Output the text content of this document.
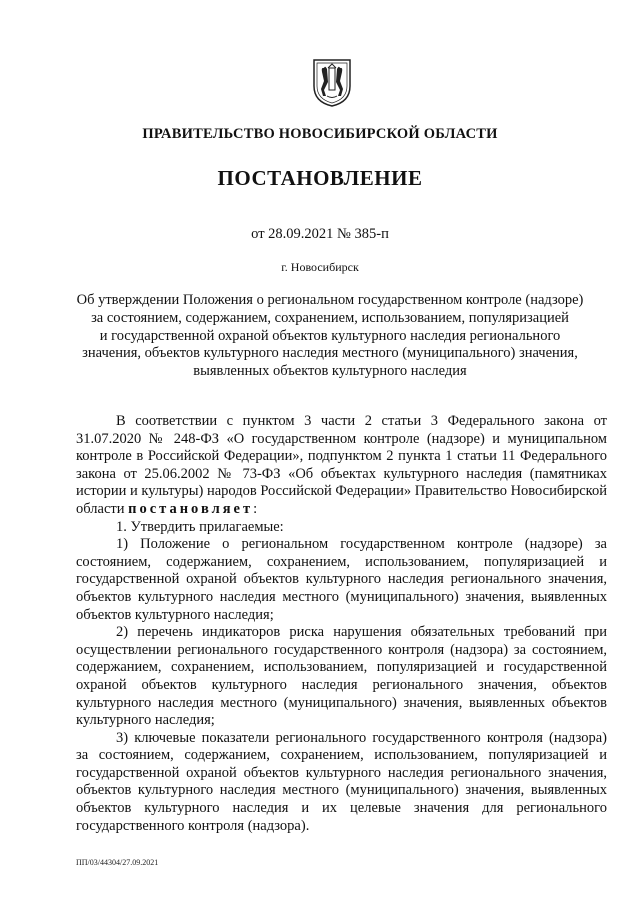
ПРАВИТЕЛЬСТВО НОВОСИБИРСКОЙ ОБЛАСТИ
ПОСТАНОВЛЕНИЕ
от 28.09.2021 № 385-п
г. Новосибирск
Об утверждении Положения о региональном государственном контроле (надзоре)
за состоянием, содержанием, сохранением, использованием, популяризацией
и государственной охраной объектов культурного наследия регионального
значения, объектов культурного наследия местного (муниципального) значения,
выявленных объектов культурного наследия

В соответствии с пунктом 3 части 2 статьи 3 Федерального закона от 31.07.2020 № 248-ФЗ «О государственном контроле (надзоре) и муниципальном контроле в Российской Федерации», подпунктом 2 пункта 1 статьи 11 Федерального закона от 25.06.2002 № 73-ФЗ «Об объектах культурного наследия (памятниках истории и культуры) народов Российской Федерации» Правительство Новосибирской области постановляет:

1. Утвердить прилагаемые:

1) Положение о региональном государственном контроле (надзоре) за состоянием, содержанием, сохранением, использованием, популяризацией и государственной охраной объектов культурного наследия регионального значения, объектов культурного наследия местного (муниципального) значения, выявленных объектов культурного наследия;

2) перечень индикаторов риска нарушения обязательных требований при осуществлении регионального государственного контроля (надзора) за состоянием, содержанием, сохранением, использованием, популяризацией и государственной охраной объектов культурного наследия регионального значения, объектов культурного наследия местного (муниципального) значения, выявленных объектов культурного наследия;

3) ключевые показатели регионального государственного контроля (надзора) за состоянием, содержанием, сохранением, использованием, популяризацией и государственной охраной объектов культурного наследия регионального значения, объектов культурного наследия местного (муниципального) значения, выявленных объектов культурного наследия и их целевые значения для регионального государственного контроля (надзора).

ПП/03/44304/27.09.2021
